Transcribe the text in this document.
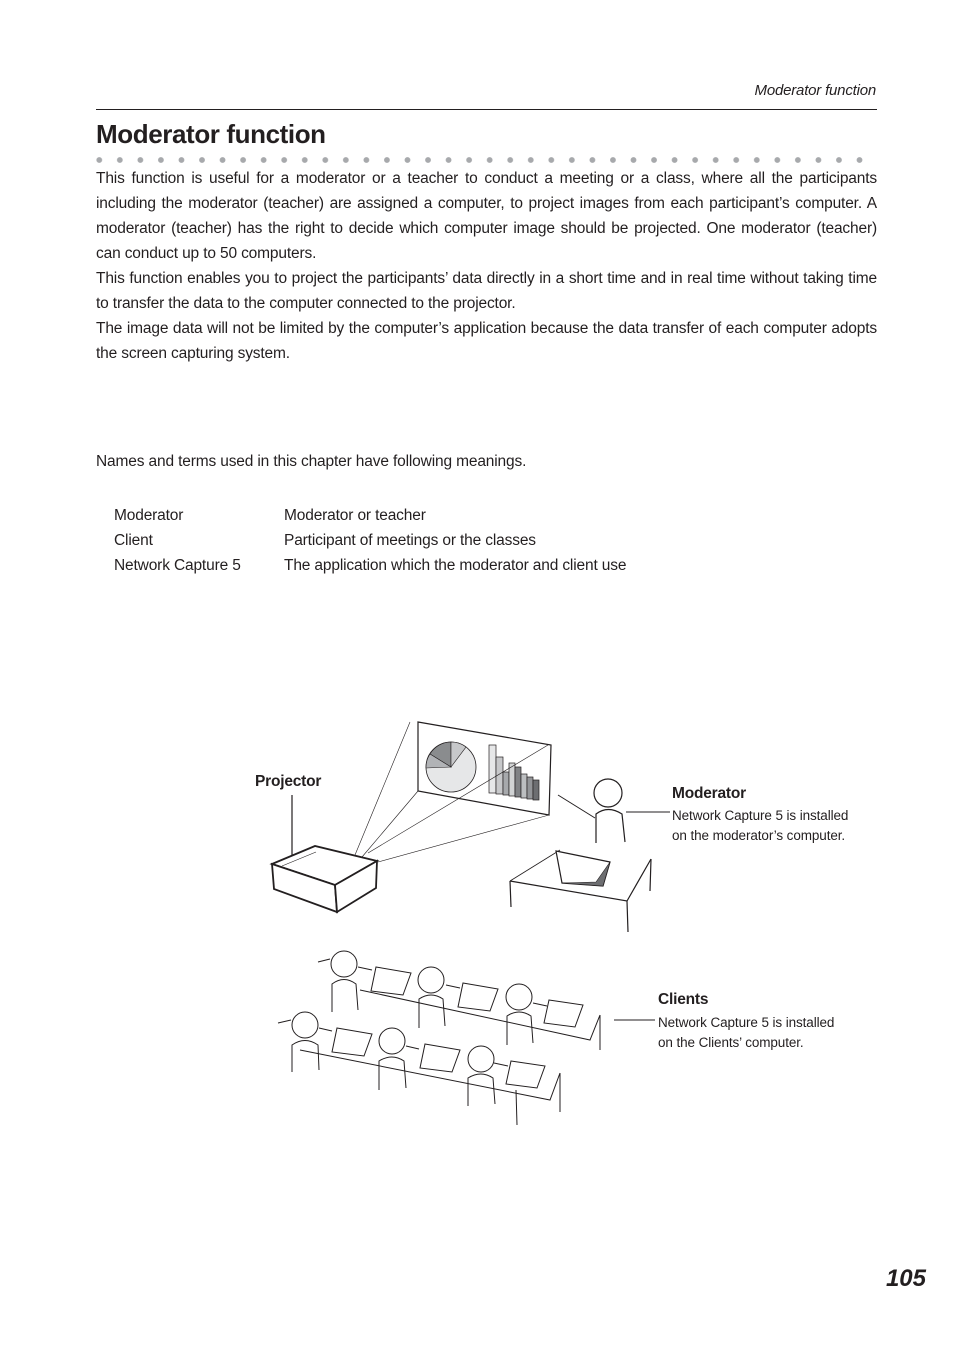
Moderator function
Moderator function

This function is useful for a moderator or a teacher to conduct a meeting or a class, where all the participants including the moderator (teacher) are assigned a computer, to project images from each participant’s computer. A moderator (teacher) has the right to decide which computer image should be projected. One moderator (teacher) can conduct up to 50 computers.

This function enables you to project the participants’ data directly in a short time and in real time without taking time to transfer the data to the computer connected to the projector.

The image data will not be limited by the computer’s application because the data transfer of each computer adopts the screen capturing system.

Names and terms used in this chapter have following meanings.
Moderator	Moderator or teacher
Client	Participant of meetings or the classes
Network Capture 5	The application which the moderator and client use
Projector
Moderator
Network Capture 5 is installed
on the moderator’s computer.
Clients
Network Capture 5 is installed
on the Clients’ computer.
105
